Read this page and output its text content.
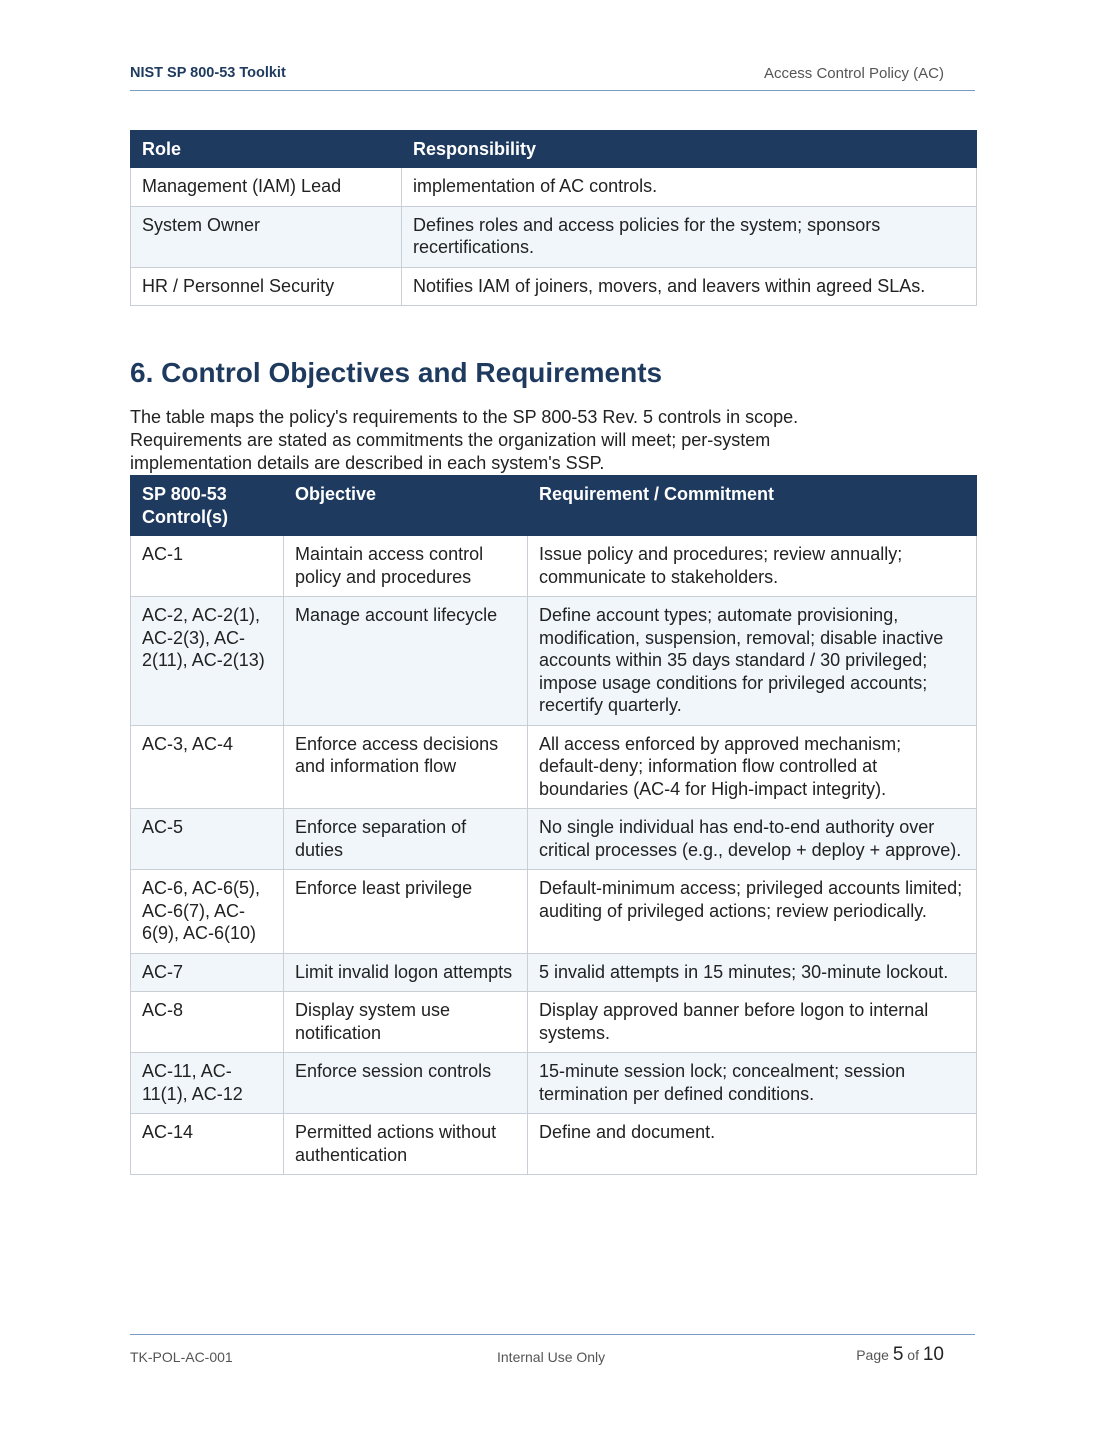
NIST SP 800-53 Toolkit	Access Control Policy (AC)
Role	Responsibility
Management (IAM) Lead	implementation of AC controls.
System Owner	Defines roles and access policies for the system; sponsors recertifications.
HR / Personnel Security	Notifies IAM of joiners, movers, and leavers within agreed SLAs.
6. Control Objectives and Requirements

The table maps the policy's requirements to the SP 800-53 Rev. 5 controls in scope. Requirements are stated as commitments the organization will meet; per-system implementation details are described in each system's SSP.

SP 800-53 Control(s)	Objective	Requirement / Commitment
AC-1	Maintain access control policy and procedures	Issue policy and procedures; review annually; communicate to stakeholders.
AC-2, AC-2(1), AC-2(3), AC-2(11), AC-2(13)	Manage account lifecycle	Define account types; automate provisioning, modification, suspension, removal; disable inactive accounts within 35 days standard / 30 privileged; impose usage conditions for privileged accounts; recertify quarterly.
AC-3, AC-4	Enforce access decisions and information flow	All access enforced by approved mechanism; default-deny; information flow controlled at boundaries (AC-4 for High-impact integrity).
AC-5	Enforce separation of duties	No single individual has end-to-end authority over critical processes (e.g., develop + deploy + approve).
AC-6, AC-6(5), AC-6(7), AC-6(9), AC-6(10)	Enforce least privilege	Default-minimum access; privileged accounts limited; auditing of privileged actions; review periodically.
AC-7	Limit invalid logon attempts	5 invalid attempts in 15 minutes; 30-minute lockout.
AC-8	Display system use notification	Display approved banner before logon to internal systems.
AC-11, AC-11(1), AC-12	Enforce session controls	15-minute session lock; concealment; session termination per defined conditions.
AC-14	Permitted actions without authentication	Define and document.
TK-POL-AC-001	Internal Use Only	Page 5 of 10
